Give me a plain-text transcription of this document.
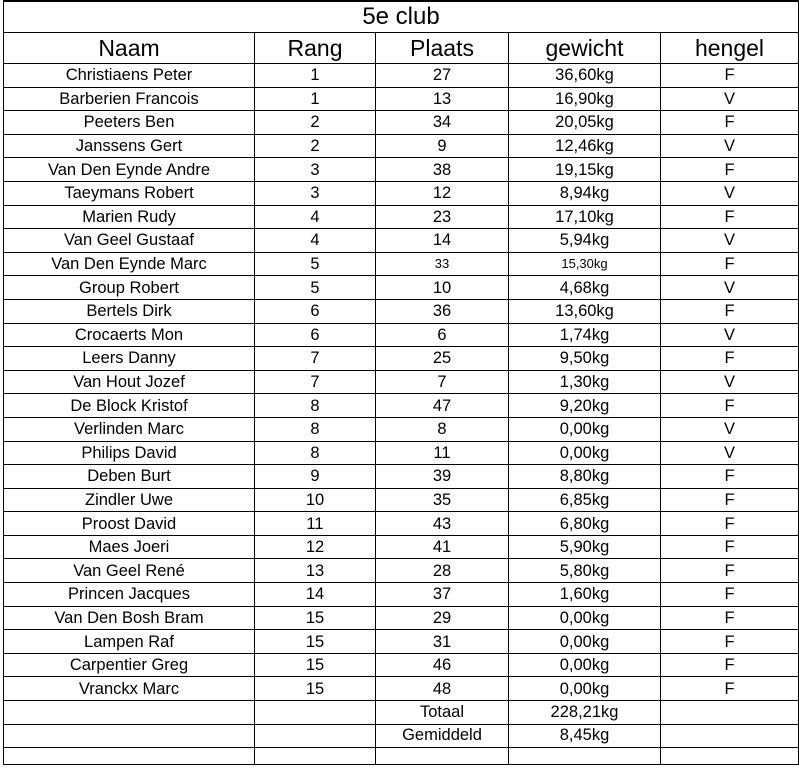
5e club				
Naam	Rang	Plaats	gewicht	hengel
Christiaens Peter	1	27	36,60kg	F
Barberien Francois	1	13	16,90kg	V
Peeters Ben	2	34	20,05kg	F
Janssens Gert	2	9	12,46kg	V
Van Den Eynde Andre	3	38	19,15kg	F
Taeymans Robert	3	12	8,94kg	V
Marien Rudy	4	23	17,10kg	F
Van Geel Gustaaf	4	14	5,94kg	V
Van Den Eynde Marc	5	33	15,30kg	F
Group Robert	5	10	4,68kg	V
Bertels Dirk	6	36	13,60kg	F
Crocaerts Mon	6	6	1,74kg	V
Leers Danny	7	25	9,50kg	F
Van Hout Jozef	7	7	1,30kg	V
De Block Kristof	8	47	9,20kg	F
Verlinden Marc	8	8	0,00kg	V
Philips David	8	11	0,00kg	V
Deben Burt	9	39	8,80kg	F
Zindler Uwe	10	35	6,85kg	F
Proost David	11	43	6,80kg	F
Maes Joeri	12	41	5,90kg	F
Van Geel René	13	28	5,80kg	F
Princen Jacques	14	37	1,60kg	F
Van Den Bosh Bram	15	29	0,00kg	F
Lampen Raf	15	31	0,00kg	F
Carpentier Greg	15	46	0,00kg	F
Vranckx Marc	15	48	0,00kg	F
		Totaal	228,21kg	
		Gemiddeld	8,45kg	
